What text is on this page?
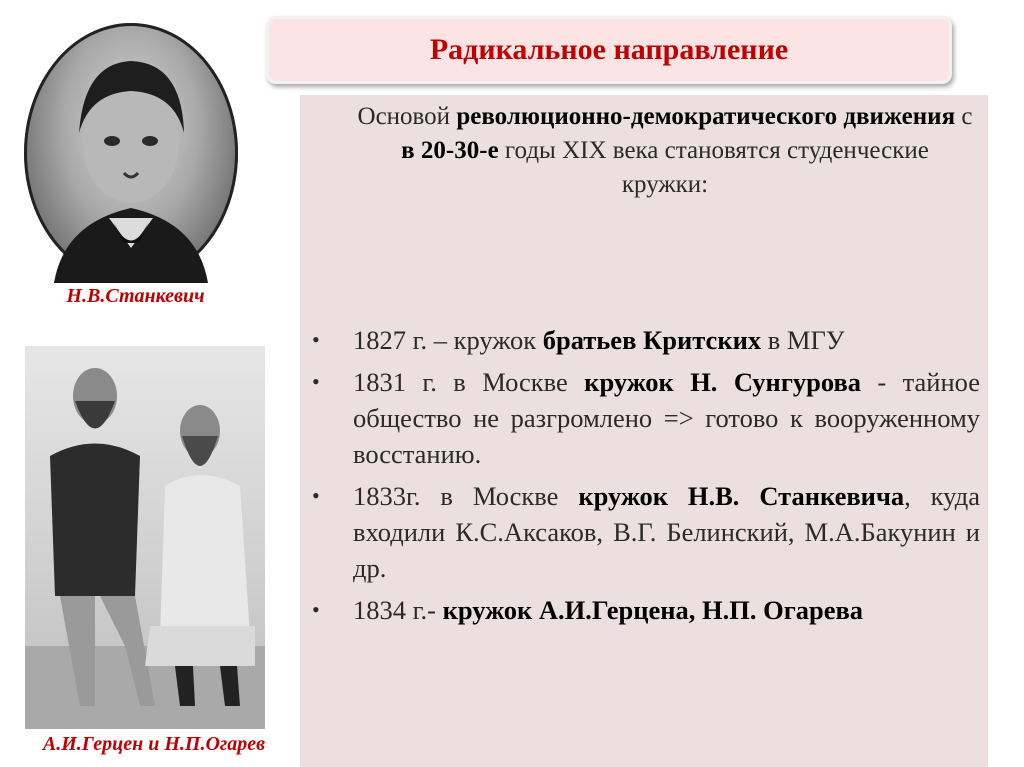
Радикальное направление
Н.В.Станкевич
А.И.Герцен и Н.П.Огарев
Основой революционно-демократического движения с в 20-30-е годы XIX века становятся студенческие кружки:
• 1827 г. – кружок братьев Критских в МГУ
• 1831 г. в Москве кружок Н. Сунгурова - тайное общество не разгромлено => готово к вооруженному восстанию.
• 1833г. в Москве кружок Н.В. Станкевича, куда входили К.С.Аксаков, В.Г. Белинский, М.А.Бакунин и др.
• 1834 г.- кружок А.И.Герцена, Н.П. Огарева
